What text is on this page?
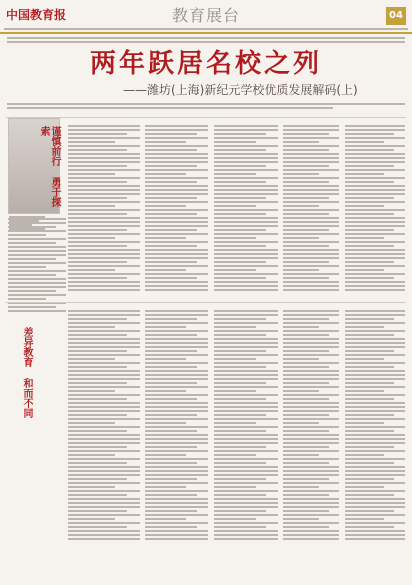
中国教育报	教育展台	04
两年跃居名校之列
——潍坊(上海)新纪元学校优质发展解码(上)
谨慎前行 勇于探索
差异教育 和而不同
